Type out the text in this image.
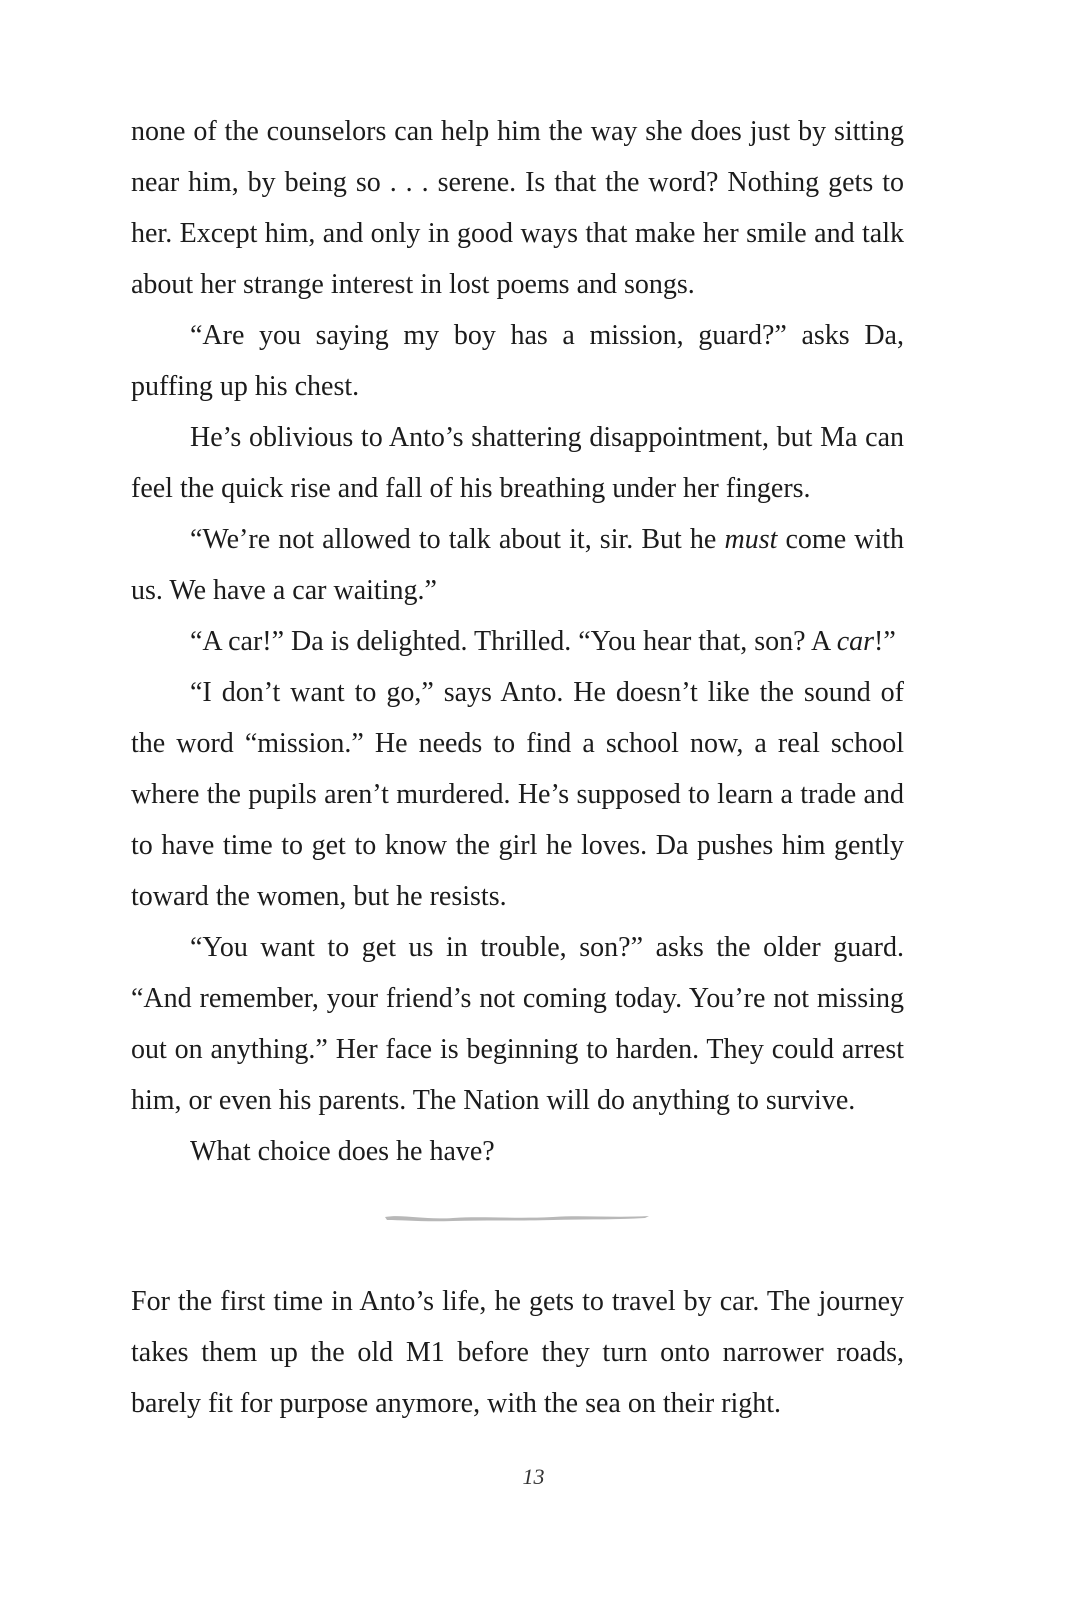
none of the counselors can help him the way she does just by sitting near him, by being so . . . serene. Is that the word? Nothing gets to her. Except him, and only in good ways that make her smile and talk about her strange interest in lost poems and songs.

“Are you saying my boy has a mission, guard?” asks Da, puffing up his chest.

He’s oblivious to Anto’s shattering disappointment, but Ma can feel the quick rise and fall of his breathing under her fingers.

“We’re not allowed to talk about it, sir. But he must come with us. We have a car waiting.”

“A car!” Da is delighted. Thrilled. “You hear that, son? A car!”

“I don’t want to go,” says Anto. He doesn’t like the sound of the word “mission.” He needs to find a school now, a real school where the pupils aren’t murdered. He’s supposed to learn a trade and to have time to get to know the girl he loves. Da pushes him gently toward the women, but he resists.

“You want to get us in trouble, son?” asks the older guard. “And remember, your friend’s not coming today. You’re not missing out on anything.” Her face is beginning to harden. They could arrest him, or even his parents. The Nation will do anything to survive.

What choice does he have?

For the first time in Anto’s life, he gets to travel by car. The journey takes them up the old M1 before they turn onto narrower roads, barely fit for purpose anymore, with the sea on their right.

13
